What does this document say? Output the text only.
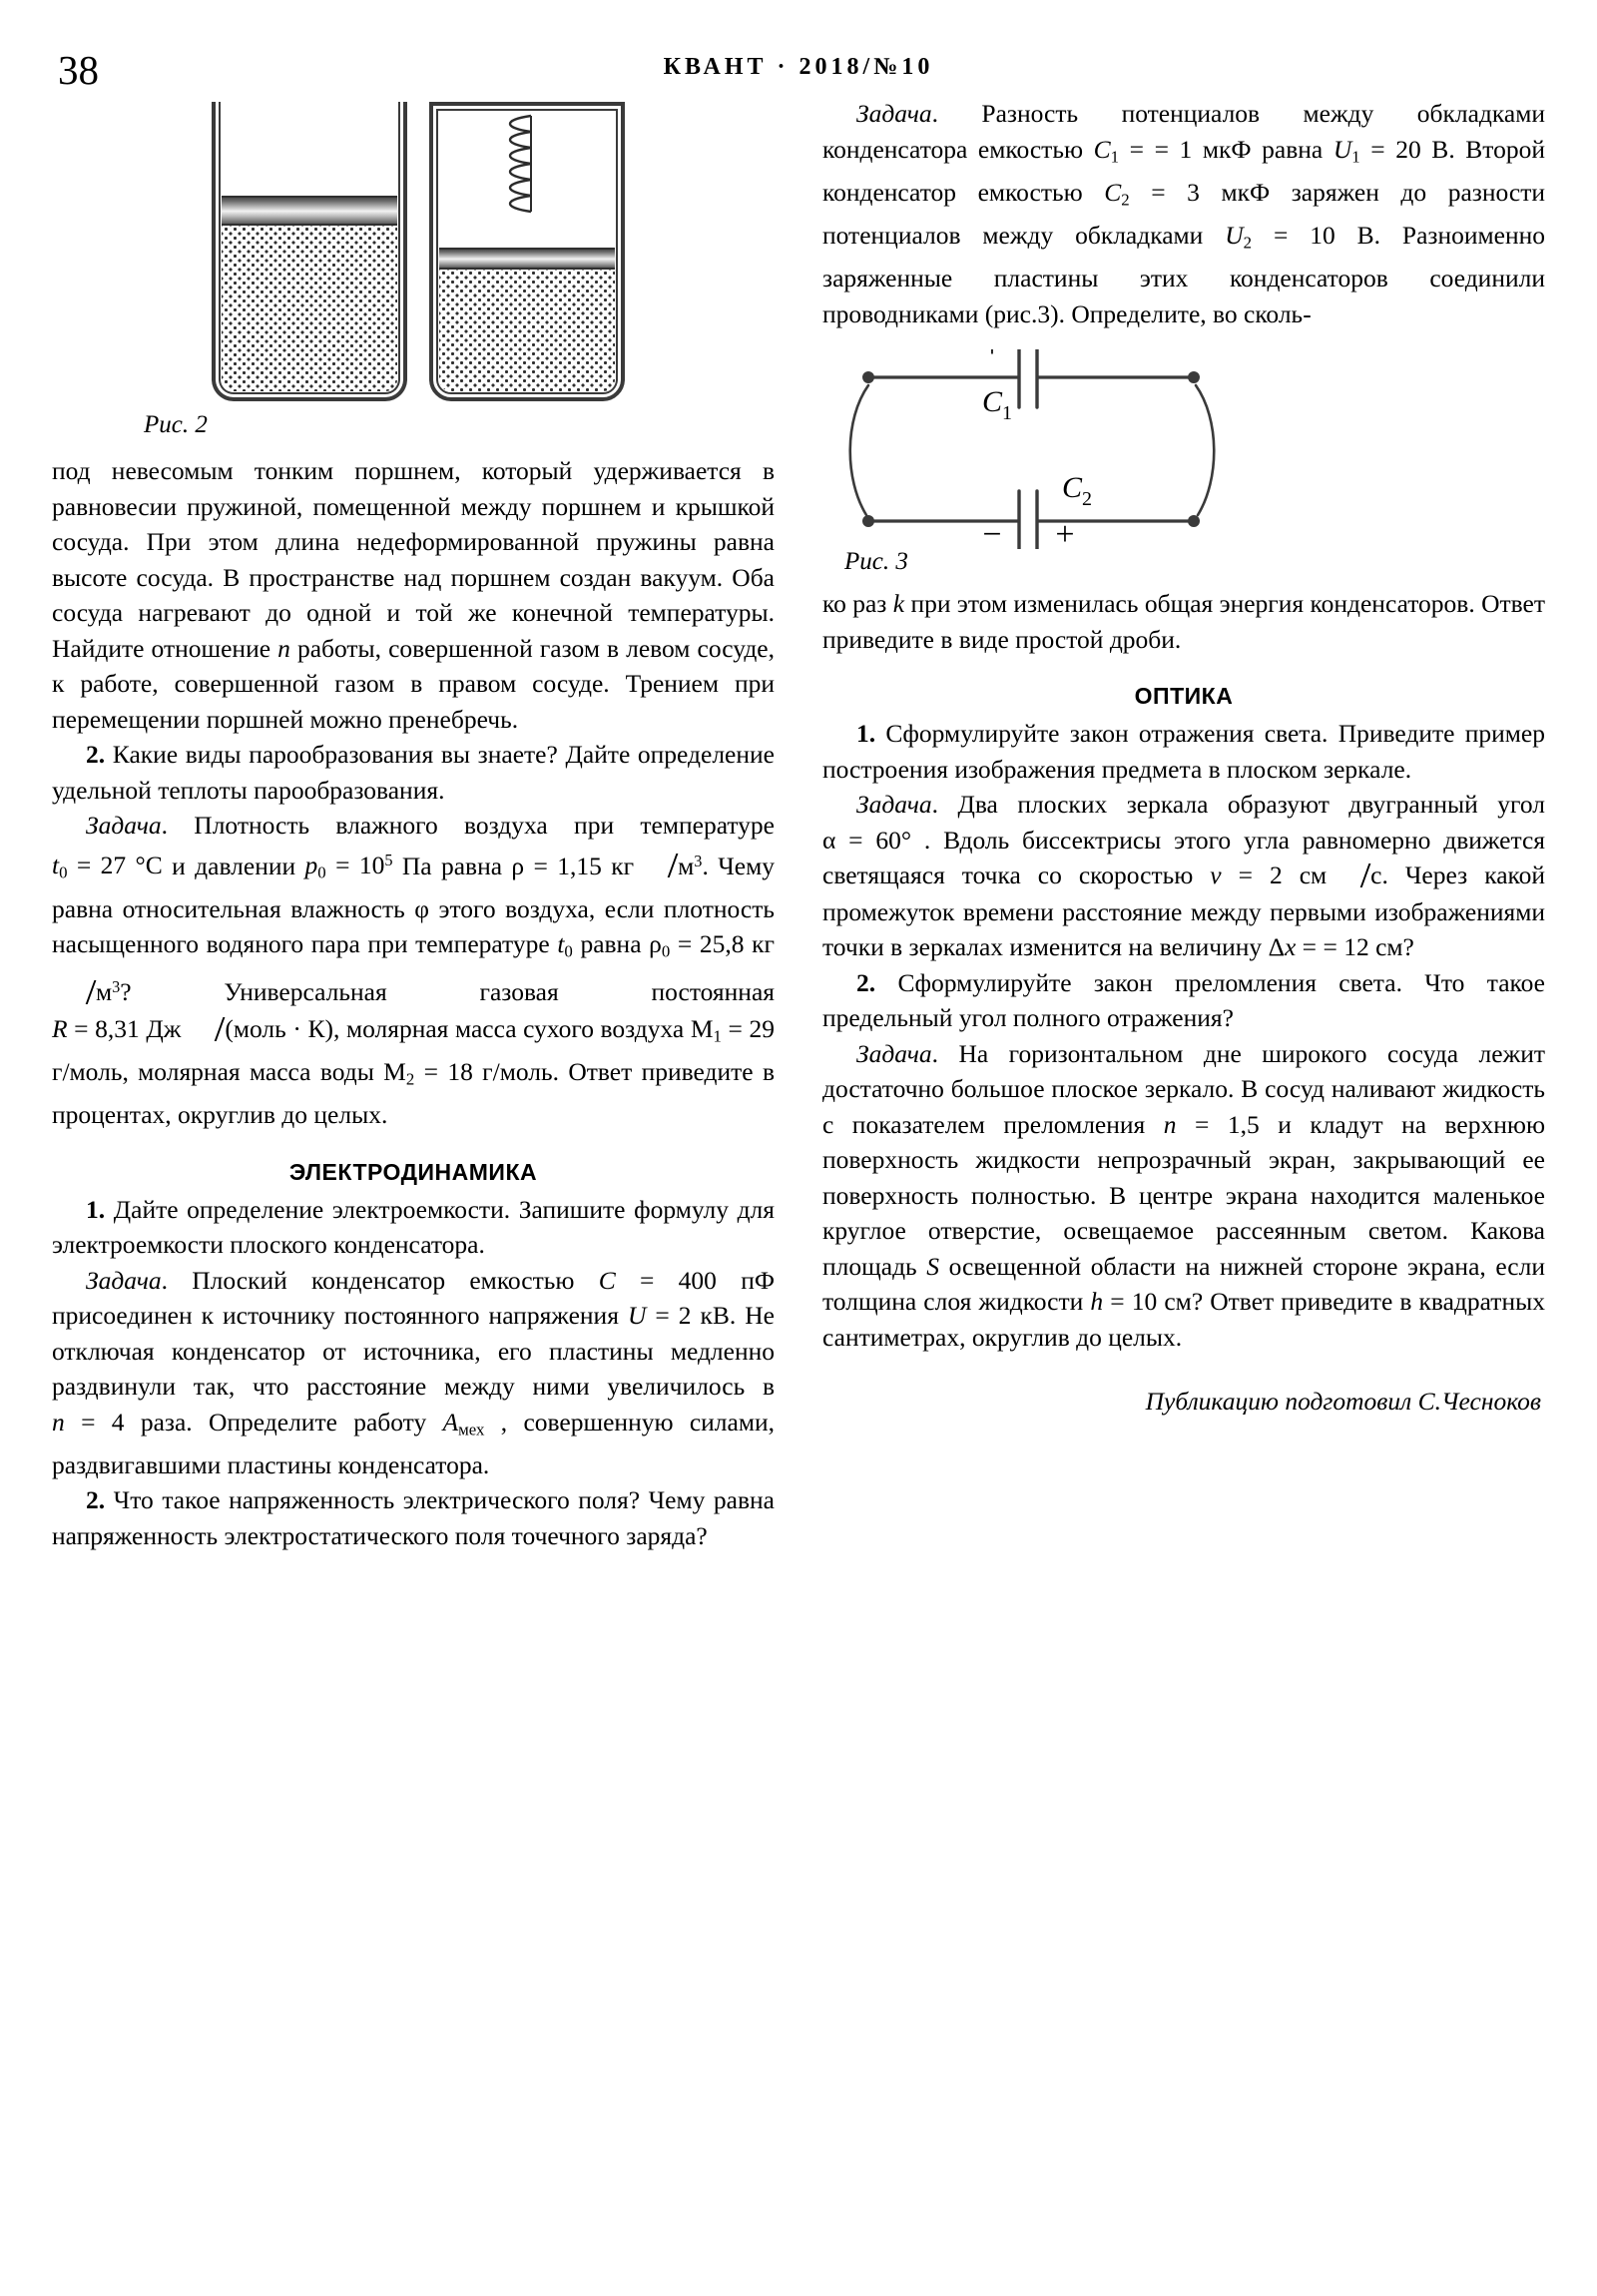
38	КВАНТ · 2018/№10
Рис. 2

под невесомым тонким поршнем, который удерживается в равновесии пружиной, помещенной между поршнем и крышкой сосуда. При этом длина недеформированной пружины равна высоте сосуда. В пространстве над поршнем создан вакуум. Оба сосуда нагревают до одной и той же конечной температуры. Найдите отношение n работы, совершенной газом в левом сосуде, к работе, совершенной газом в правом сосуде. Трением при перемещении поршней можно пренебречь.

2. Какие виды парообразования вы знаете? Дайте определение удельной теплоты парообразования.

Задача. Плотность влажного воздуха при температуре $t_0 = 27$ °C и давлении $p_0 = 10^5$ Па равна ρ = 1,15 кг $м^3$. Чему равна относительная влажность φ этого воздуха, если плотность насыщенного водяного пара при температуре $t_0$ равна $\rho_0 = 25,8$ кгм$^3$? Универсальная газовая постоянная R = 8,31 Дж (моль · К), молярная масса сухого воздуха $М_1 = 29$ г/моль, молярная масса воды $М_2 = 18$ г/моль. Ответ приведите в процентах, округлив до целых.

ЭЛЕКТРОДИНАМИКА

1. Дайте определение электроемкости. Запишите формулу для электроемкости плоского конденсатора.

Задача. Плоский конденсатор емкостью C = 400 пФ присоединен к источнику постоянного напряжения U = 2 кВ. Не отключая конденсатор от источника, его пластины медленно раздвинули так, что расстояние между ними увеличилось в n = 4 раза. Определите работу $A_{мех}$ , совершенную силами, раздвигавшими пластины конденсатора.

2. Что такое напряженность электрического поля? Чему равна напряженность электростатического поля точечного заряда?

Задача. Разность потенциалов между обкладками конденсатора емкостью $C_1$ = = 1 мкФ равна $U_1 = 20$ В. Второй конденсатор емкостью $C_2 = 3$ мкФ заряжен до разности потенциалов между обкладками $U_2 = 10$ В. Разноименно заряженные пластины этих конденсаторов соединили проводниками (рис.3). Определите, во сколь-

− +
$C_1$
$C_2$
Рис. 3

ко раз k при этом изменилась общая энергия конденсаторов. Ответ приведите в виде простой дроби.

ОПТИКА

1. Сформулируйте закон отражения света. Приведите пример построения изображения предмета в плоском зеркале.

Задача. Два плоских зеркала образуют двугранный угол α = 60° . Вдоль биссектрисы этого угла равномерно движется светящаяся точка со скоростью v = 2 см с. Через какой промежуток времени расстояние между первыми изображениями точки в зеркалах изменится на величину Δx = = 12 см?

2. Сформулируйте закон преломления света. Что такое предельный угол полного отражения?

Задача. На горизонтальном дне широкого сосуда лежит достаточно большое плоское зеркало. В сосуд наливают жидкость с показателем преломления n = 1,5 и кладут на верхнюю поверхность жидкости непрозрачный экран, закрывающий ее поверхность полностью. В центре экрана находится маленькое круглое отверстие, освещаемое рассеянным светом. Какова площадь S освещенной области на нижней стороне экрана, если толщина слоя жидкости h = 10 см? Ответ приведите в квадратных сантиметрах, округлив до целых.

Публикацию подготовил С.Чесноков
